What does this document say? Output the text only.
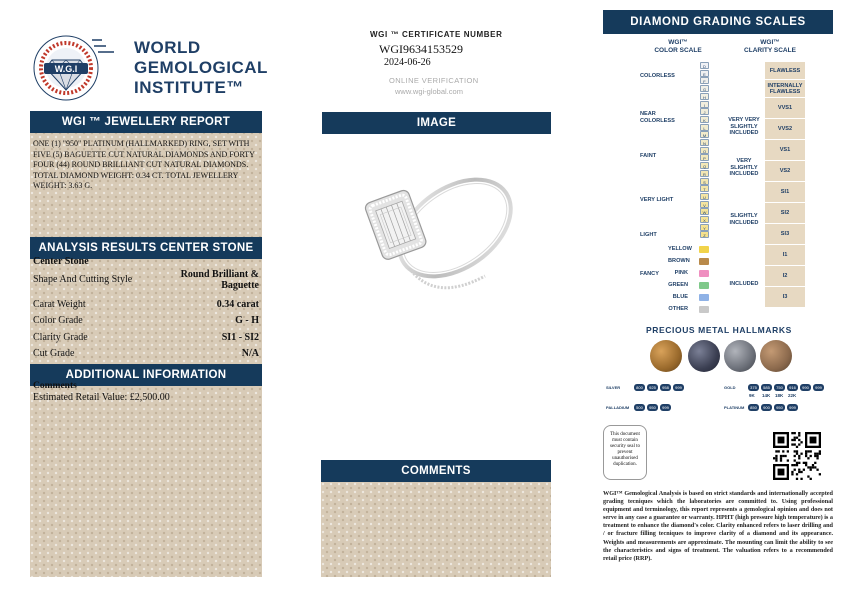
W.G.I
WORLD
GEMOLOGICAL
INSTITUTE™
WGI ™ JEWELLERY REPORT
ONE (1) "950" PLATINUM (HALLMARKED) RING, SET WITH FIVE (5) BAGUETTE CUT NATURAL DIAMONDS AND FORTY FOUR (44) ROUND BRILLIANT CUT NATURAL DIAMONDS. TOTAL DIAMOND WEIGHT: 0.34 CT. TOTAL JEWELLERY WEIGHT: 3.63 G.
ANALYSIS RESULTS CENTER STONE
Center Stone
Shape And Cutting Style	Round Brilliant & Baguette
Carat Weight	0.34 carat
Color Grade	G - H
Clarity Grade	SI1 - SI2
Cut Grade	N/A
ADDITIONAL INFORMATION
Comments
Estimated Retail Value: £2,500.00
WGI ™ CERTIFICATE NUMBER
WGI9634153529
2024-06-26
ONLINE VERIFICATION
www.wgi-global.com
IMAGE
COMMENTS
DIAMOND GRADING SCALES
WGI™
COLOR SCALE
WGI™
CLARITY SCALE
COLORLESS
NEAR COLORLESS
FAINT
VERY LIGHT
LIGHT
FANCY
D
E
F
G
H
I
J
K
L
M
N
O
P
Q
R
S
T
U
V
W
X
Y
Z
YELLOW
BROWN
PINK
GREEN
BLUE
OTHER
VERY VERY SLIGHTLY INCLUDED
VERY SLIGHTLY INCLUDED
SLIGHTLY INCLUDED
INCLUDED
FLAWLESS
INTERNALLY FLAWLESS
VVS1
VVS2
VS1
VS2
SI1
SI2
SI3
I1
I2
I3
PRECIOUS METAL HALLMARKS
SILVER	GOLD
PALLADIUM	PLATINUM
800	925	958	999	375	585	750	916	990	999
500	950	999	850	900	950	999
9K 14K 18K 22K
This document must contain security seal to prevent unauthorised duplication.
WGI™ Gemological Analysis is based on strict standards and internationally accepted grading tecniques which the laboratories are committed to. Using professional equipment and terminology, this report represents a gemological opinion and does not serve in any case a guarantee or warranty. HPHT (high pressure high temperature) is a treatment to enhance the diamond's color. Clarity enhanced refers to laser drilling and / or fracture filling tecniques to improve clarity of a diamond and its appearance. Weights and measurements are approximate. The mounting can limit the ability to see the characteristics and signs of treatment. The valuation refers to a recommended retail price (RRP).
